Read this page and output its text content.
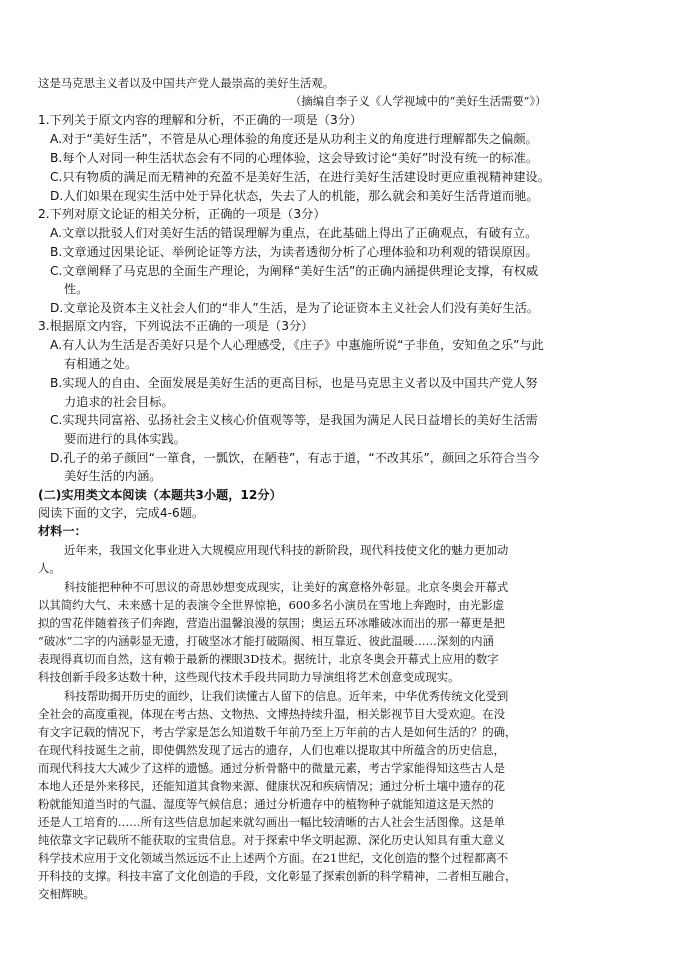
这是马克思主义者以及中国共产党人最崇高的美好生活观。
（摘编自李子义《人学视域中的“美好生活需要”》）
1.下列关于原文内容的理解和分析，不正确的一项是（3分）
A.对于“美好生活”，不管是从心理体验的角度还是从功利主义的角度进行理解都失之偏颇。
B.每个人对同一种生活状态会有不同的心理体验，这会导致讨论“美好”时没有统一的标准。
C.只有物质的满足而无精神的充盈不是美好生活，在进行美好生活建设时更应重视精神建设。
D.人们如果在现实生活中处于异化状态，失去了人的机能，那么就会和美好生活背道而驰。
2.下列对原文论证的相关分析，正确的一项是（3分）
A.文章以批驳人们对美好生活的错误理解为重点，在此基础上得出了正确观点，有破有立。
B.文章通过因果论证、举例论证等方法，为读者透彻分析了心理体验和功利观的错误原因。
C.文章阐释了马克思的全面生产理论，为阐释“美好生活”的正确内涵提供理论支撑，有权威
性。
D.文章论及资本主义社会人们的“非人”生活，是为了论证资本主义社会人们没有美好生活。
3.根据原文内容，下列说法不正确的一项是（3分）
A.有人认为生活是否美好只是个人心理感受，《庄子》中惠施所说“子非鱼，安知鱼之乐”与此
有相通之处。
B.实现人的自由、全面发展是美好生活的更高目标，也是马克思主义者以及中国共产党人努
力追求的社会目标。
C.实现共同富裕、弘扬社会主义核心价值观等等，是我国为满足人民日益增长的美好生活需
要而进行的具体实践。
D.孔子的弟子颜回“一箪食，一瓢饮，在陋巷”，有志于道，“不改其乐”，颜回之乐符合当今
美好生活的内涵。
(二)实用类文本阅读（本题共3小题，12分）
阅读下面的文字，完成4-6题。
材料一：
近年来，我国文化事业进入大规模应用现代科技的新阶段，现代科技使文化的魅力更加动
人。
科技能把种种不可思议的奇思妙想变成现实，让美好的寓意格外彰显。北京冬奥会开幕式
以其简约大气、未来感十足的表演令全世界惊艳，600多名小演员在雪地上奔跑时，由光影虚
拟的雪花伴随着孩子们奔跑，营造出温馨浪漫的氛围；奥运五环冰雕破冰而出的那一幕更是把
“破冰”二字的内涵彰显无遗，打破坚冰才能打破隔阂、相互靠近、彼此温暖……深刻的内涵
表现得真切而自然，这有赖于最新的裸眼3D技术。据统计，北京冬奥会开幕式上应用的数字
科技创新手段多达数十种，这些现代技术手段共同助力导演组将艺术创意变成现实。
科技帮助揭开历史的面纱，让我们读懂古人留下的信息。近年来，中华优秀传统文化受到
全社会的高度重视，体现在考古热、文物热、文博热持续升温，相关影视节目大受欢迎。在没
有文字记载的情况下，考古学家是怎么知道数千年前乃至上万年前的古人是如何生活的？的确，
在现代科技诞生之前，即使偶然发现了远古的遗存，人们也难以提取其中所蕴含的历史信息，
而现代科技大大减少了这样的遗憾。通过分析骨骼中的微量元素，考古学家能得知这些古人是
本地人还是外来移民，还能知道其食物来源、健康状况和疾病情况；通过分析土壤中遗存的花
粉就能知道当时的气温、湿度等气候信息；通过分析遗存中的植物种子就能知道这是天然的
还是人工培育的……所有这些信息加起来就勾画出一幅比较清晰的古人社会生活图像。这是单
纯依靠文字记载所不能获取的宝贵信息。对于探索中华文明起源、深化历史认知具有重大意义
科学技术应用于文化领域当然远远不止上述两个方面。在21世纪，文化创造的整个过程都离不
开科技的支撑。科技丰富了文化创造的手段，文化彰显了探索创新的科学精神，二者相互融合，
交相辉映。
